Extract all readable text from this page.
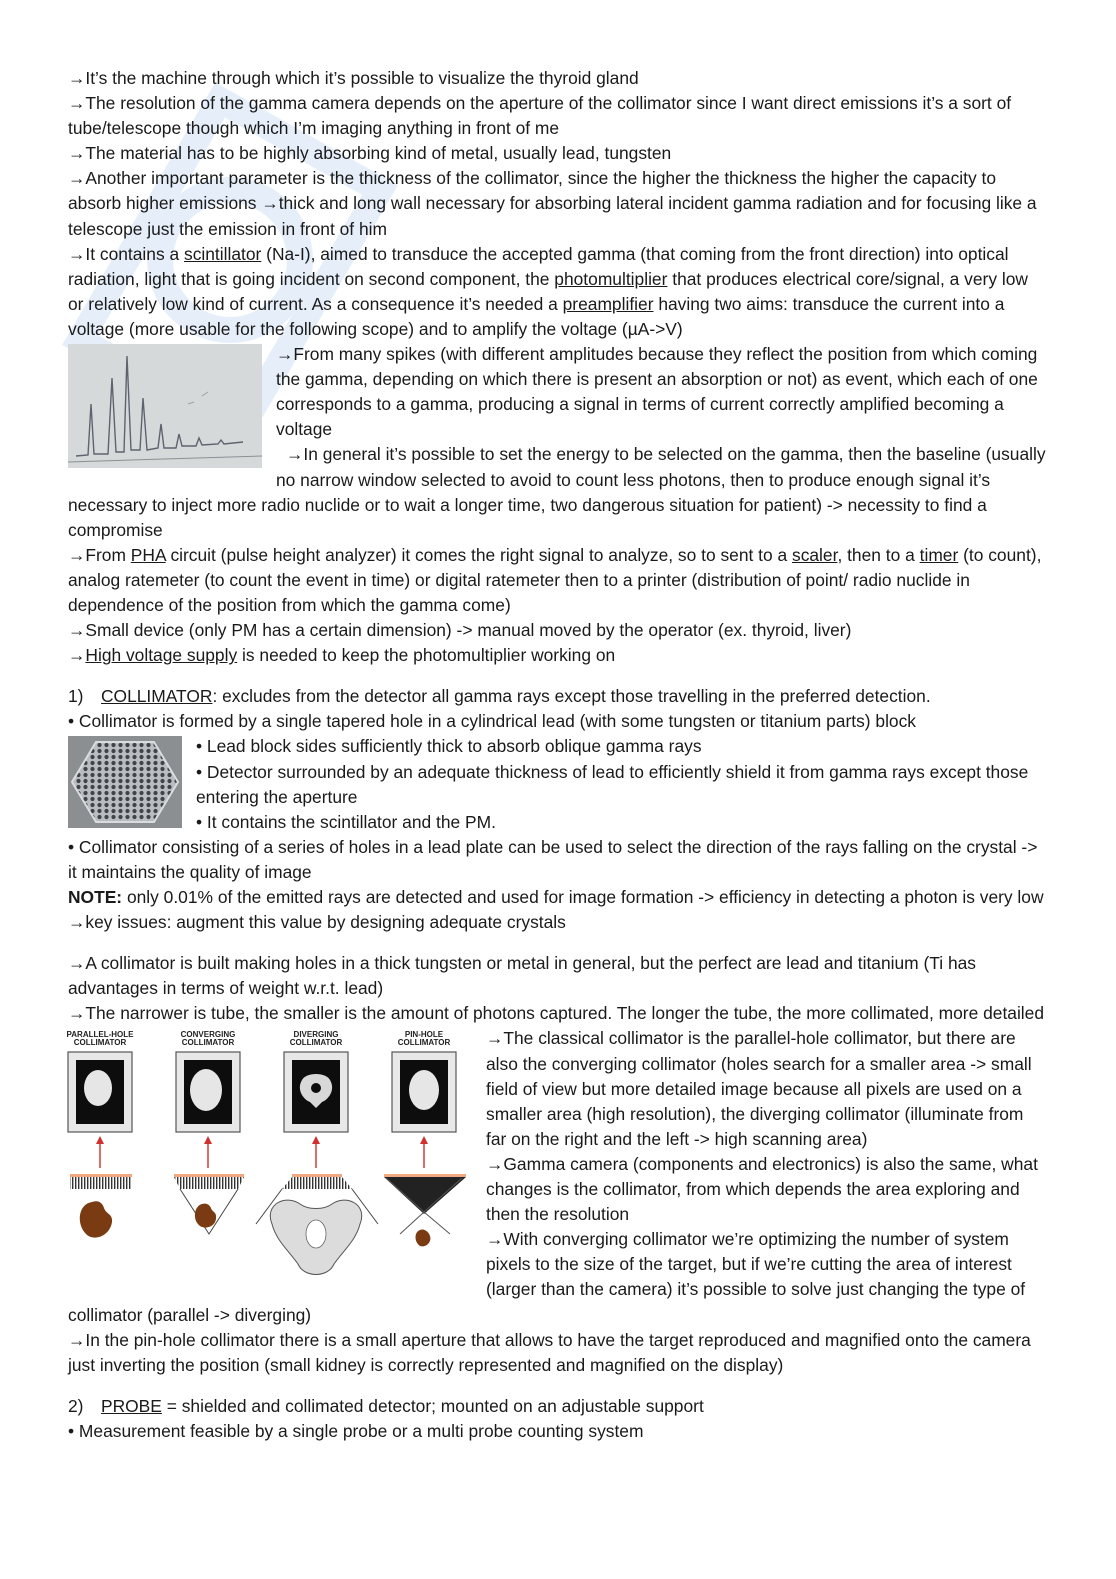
→It’s the machine through which it’s possible to visualize the thyroid gland

→The resolution of the gamma camera depends on the aperture of the collimator since I want direct emissions it’s a sort of tube/telescope though which I’m imaging anything in front of me

→The material has to be highly absorbing kind of metal, usually lead, tungsten

→Another important parameter is the thickness of the collimator, since the higher the thickness the higher the capacity to absorb higher emissions →thick and long wall necessary for absorbing lateral incident gamma radiation and for focusing like a telescope just the emission in front of him

→It contains a scintillator (Na-I), aimed to transduce the accepted gamma (that coming from the front direction) into optical radiation, light that is going incident on second component, the photomultiplier that produces electrical core/signal, a very low or relatively low kind of current. As a consequence it’s needed a preamplifier having two aims: transduce the current into a voltage (more usable for the following scope) and to amplify the voltage (µA->V)

→From many spikes (with different amplitudes because they reflect the position from which coming the gamma, depending on which there is present an absorption or not) as event, which each of one corresponds to a gamma, producing a signal in terms of current correctly amplified becoming a voltage

→In general it’s possible to set the energy to be selected on the gamma, then the baseline (usually no narrow window selected to avoid to count less photons, then to produce enough signal it’s necessary to inject more radio nuclide or to wait a longer time, two dangerous situation for patient) -> necessity to find a compromise

→From PHA circuit (pulse height analyzer) it comes the right signal to analyze, so to sent to a scaler, then to a timer (to count), analog ratemeter (to count the event in time) or digital ratemeter then to a printer (distribution of point/ radio nuclide in dependence of the position from which the gamma come)

→Small device (only PM has a certain dimension) -> manual moved by the operator (ex. thyroid, liver)

→High voltage supply is needed to keep the photomultiplier working on

1) COLLIMATOR: excludes from the detector all gamma rays except those travelling in the preferred detection.

• Collimator is formed by a single tapered hole in a cylindrical lead (with some tungsten or titanium parts) block

• Lead block sides sufficiently thick to absorb oblique gamma rays

• Detector surrounded by an adequate thickness of lead to efficiently shield it from gamma rays except those entering the aperture

• It contains the scintillator and the PM.

• Collimator consisting of a series of holes in a lead plate can be used to select the direction of the rays falling on the crystal -> it maintains the quality of image

NOTE: only 0.01% of the emitted rays are detected and used for image formation -> efficiency in detecting a photon is very low →key issues: augment this value by designing adequate crystals

→A collimator is built making holes in a thick tungsten or metal in general, but the perfect are lead and titanium (Ti has advantages in terms of weight w.r.t. lead)

→The narrower is tube, the smaller is the amount of photons captured. The longer the tube, the more collimated, more detailed

PARALLEL-HOLE
COLLIMATOR
CONVERGING
COLLIMATOR
DIVERGING
COLLIMATOR
PIN-HOLE
COLLIMATOR	→The classical collimator is the parallel-hole collimator, but there are also the converging collimator (holes search for a smaller area -> small field of view but more detailed image because all pixels are used on a smaller area (high resolution), the diverging collimator (illuminate from far on the right and the left -> high scanning area)

→Gamma camera (components and electronics) is also the same, what changes is the collimator, from which depends the area exploring and then the resolution

→With converging collimator we’re optimizing the number of system pixels to the size of the target, but if we’re cutting the area of interest (larger than the camera) it’s possible to solve just changing the type of collimator (parallel -> diverging)

→In the pin-hole collimator there is a small aperture that allows to have the target reproduced and magnified onto the camera just inverting the position (small kidney is correctly represented and magnified on the display)

2) PROBE = shielded and collimated detector; mounted on an adjustable support

• Measurement feasible by a single probe or a multi probe counting system
